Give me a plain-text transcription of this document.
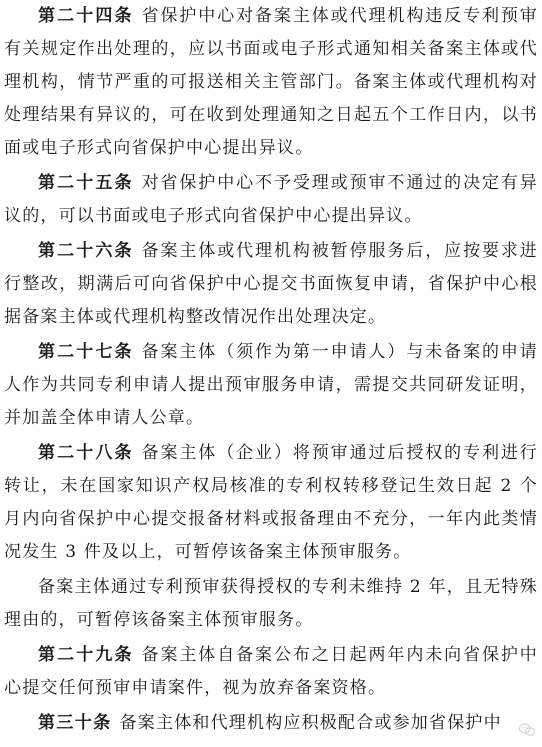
第二十四条 省保护中心对备案主体或代理机构违反专利预审有关规定作出处理的，应以书面或电子形式通知相关备案主体或代理机构，情节严重的可报送相关主管部门。备案主体或代理机构对处理结果有异议的，可在收到处理通知之日起五个工作日内，以书面或电子形式向省保护中心提出异议。

第二十五条 对省保护中心不予受理或预审不通过的决定有异议的，可以书面或电子形式向省保护中心提出异议。

第二十六条 备案主体或代理机构被暂停服务后，应按要求进行整改，期满后可向省保护中心提交书面恢复申请，省保护中心根据备案主体或代理机构整改情况作出处理决定。

第二十七条 备案主体（须作为第一申请人）与未备案的申请人作为共同专利申请人提出预审服务申请，需提交共同研发证明，并加盖全体申请人公章。

第二十八条 备案主体（企业）将预审通过后授权的专利进行转让，未在国家知识产权局核准的专利权转移登记生效日起 2 个月内向省保护中心提交报备材料或报备理由不充分，一年内此类情况发生 3 件及以上，可暂停该备案主体预审服务。

备案主体通过专利预审获得授权的专利未维持 2 年，且无特殊理由的，可暂停该备案主体预审服务。

第二十九条 备案主体自备案公布之日起两年内未向省保护中心提交任何预审申请案件，视为放弃备案资格。

第三十条 备案主体和代理机构应积极配合或参加省保护中
